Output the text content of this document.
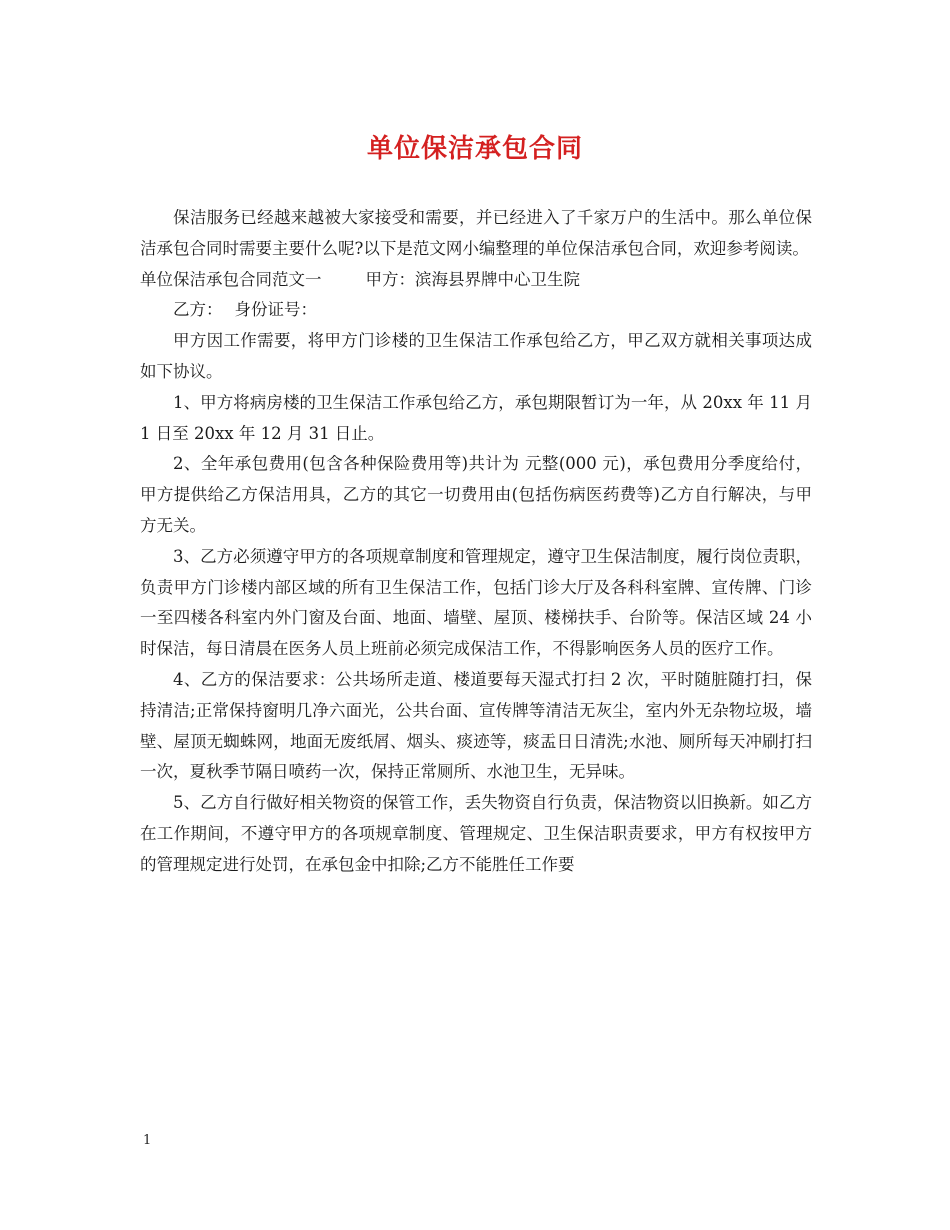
单位保洁承包合同

保洁服务已经越来越被大家接受和需要，并已经进入了千家万户的生活中。那么单位保洁承包合同时需要主要什么呢?以下是范文网小编整理的单位保洁承包合同，欢迎参考阅读。

单位保洁承包合同范文一	甲方：滨海县界牌中心卫生院

乙方： 身份证号：

甲方因工作需要，将甲方门诊楼的卫生保洁工作承包给乙方，甲乙双方就相关事项达成如下协议。

1、甲方将病房楼的卫生保洁工作承包给乙方，承包期限暂订为一年，从 20xx 年 11 月 1 日至 20xx 年 12 月 31 日止。

2、全年承包费用(包含各种保险费用等)共计为 元整(000 元)，承包费用分季度给付，甲方提供给乙方保洁用具，乙方的其它一切费用由(包括伤病医药费等)乙方自行解决，与甲方无关。

3、乙方必须遵守甲方的各项规章制度和管理规定，遵守卫生保洁制度，履行岗位责职，负责甲方门诊楼内部区域的所有卫生保洁工作，包括门诊大厅及各科科室牌、宣传牌、门诊一至四楼各科室内外门窗及台面、地面、墙壁、屋顶、楼梯扶手、台阶等。保洁区域 24 小时保洁，每日清晨在医务人员上班前必须完成保洁工作，不得影响医务人员的医疗工作。

4、乙方的保洁要求：公共场所走道、楼道要每天湿式打扫 2 次，平时随脏随打扫，保持清洁;正常保持窗明几净六面光，公共台面、宣传牌等清洁无灰尘，室内外无杂物垃圾，墙壁、屋顶无蜘蛛网，地面无废纸屑、烟头、痰迹等，痰盂日日清洗;水池、厕所每天冲刷打扫一次，夏秋季节隔日喷药一次，保持正常厕所、水池卫生，无异味。

5、乙方自行做好相关物资的保管工作，丢失物资自行负责，保洁物资以旧换新。如乙方在工作期间，不遵守甲方的各项规章制度、管理规定、卫生保洁职责要求，甲方有权按甲方的管理规定进行处罚，在承包金中扣除;乙方不能胜任工作要

1
